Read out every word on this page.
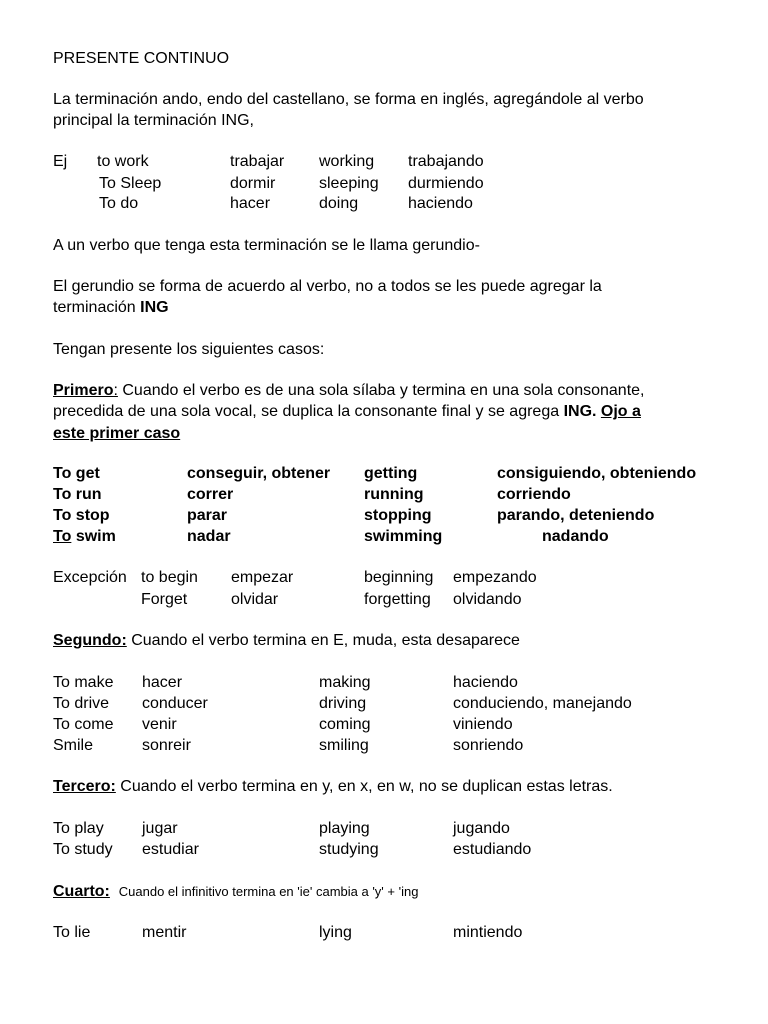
PRESENTE CONTINUO
La terminación ando, endo del castellano, se forma en inglés, agregándole al verbo
principal la terminación ING,
Ej to work	trabajar working trabajando
To Sleep	dormir	sleeping durmiendo
To do	hacer	doing	haciendo
A un verbo que tenga esta terminación se le llama gerundio-
El gerundio se forma de acuerdo al verbo, no a todos se les puede agregar la
terminación ING
Tengan presente los siguientes casos:
Primero: Cuando el verbo es de una sola sílaba y termina en una sola consonante,
precedida de una sola vocal, se duplica la consonante final y se agrega ING. Ojo a
este primer caso
To get	conseguir, obtener getting	consiguiendo, obteniendo
To run	correr	running	corriendo
To stop	parar	stopping	parando, deteniendo
To swim	nadar	swimming	nadando
Excepción to begin empezar	beginning empezando
Forget	olvidar	forgetting olvidando
Segundo: Cuando el verbo termina en E, muda, esta desaparece
To make hacer	making	haciendo
To drive conducer	driving	conduciendo, manejando
To come venir	coming	viniendo
Smile	sonreir	smiling	sonriendo
Tercero: Cuando el verbo termina en y, en x, en w, no se duplican estas letras.
To play jugar	playing	jugando
To study estudiar	studying	estudiando
Cuarto: Cuando el infinitivo termina en 'ie' cambia a 'y' + 'ing
To lie	mentir	lying	mintiendo
